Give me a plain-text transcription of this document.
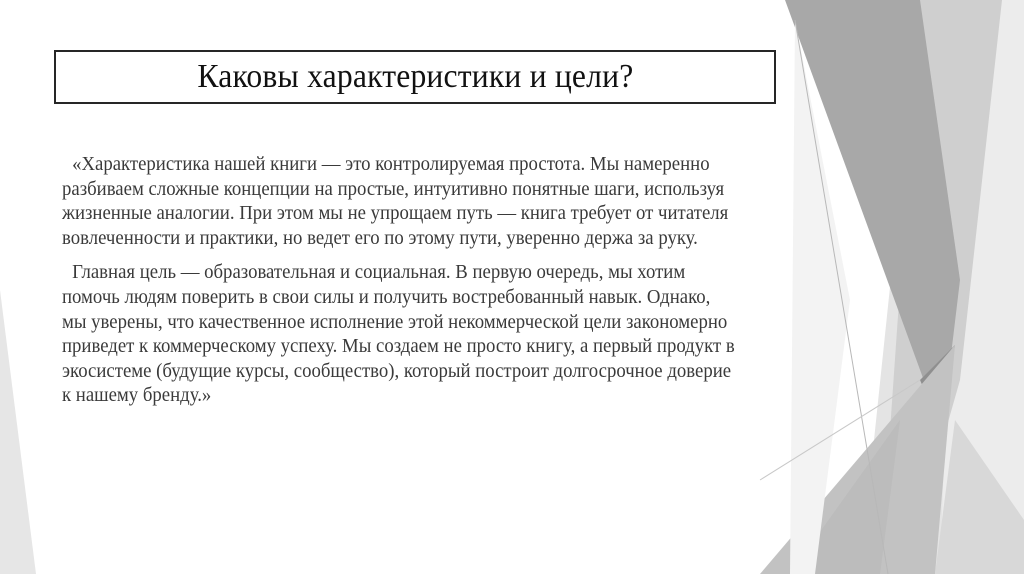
Каковы характеристики и цели?
«Характеристика нашей книги — это контролируемая простота. Мы намеренно
разбиваем сложные концепции на простые, интуитивно понятные шаги, используя
жизненные аналогии. При этом мы не упрощаем путь — книга требует от читателя
вовлеченности и практики, но ведет его по этому пути, уверенно держа за руку.
Главная цель — образовательная и социальная. В первую очередь, мы хотим
помочь людям поверить в свои силы и получить востребованный навык. Однако,
мы уверены, что качественное исполнение этой некоммерческой цели закономерно
приведет к коммерческому успеху. Мы создаем не просто книгу, а первый продукт в
экосистеме (будущие курсы, сообщество), который построит долгосрочное доверие
к нашему бренду.»
